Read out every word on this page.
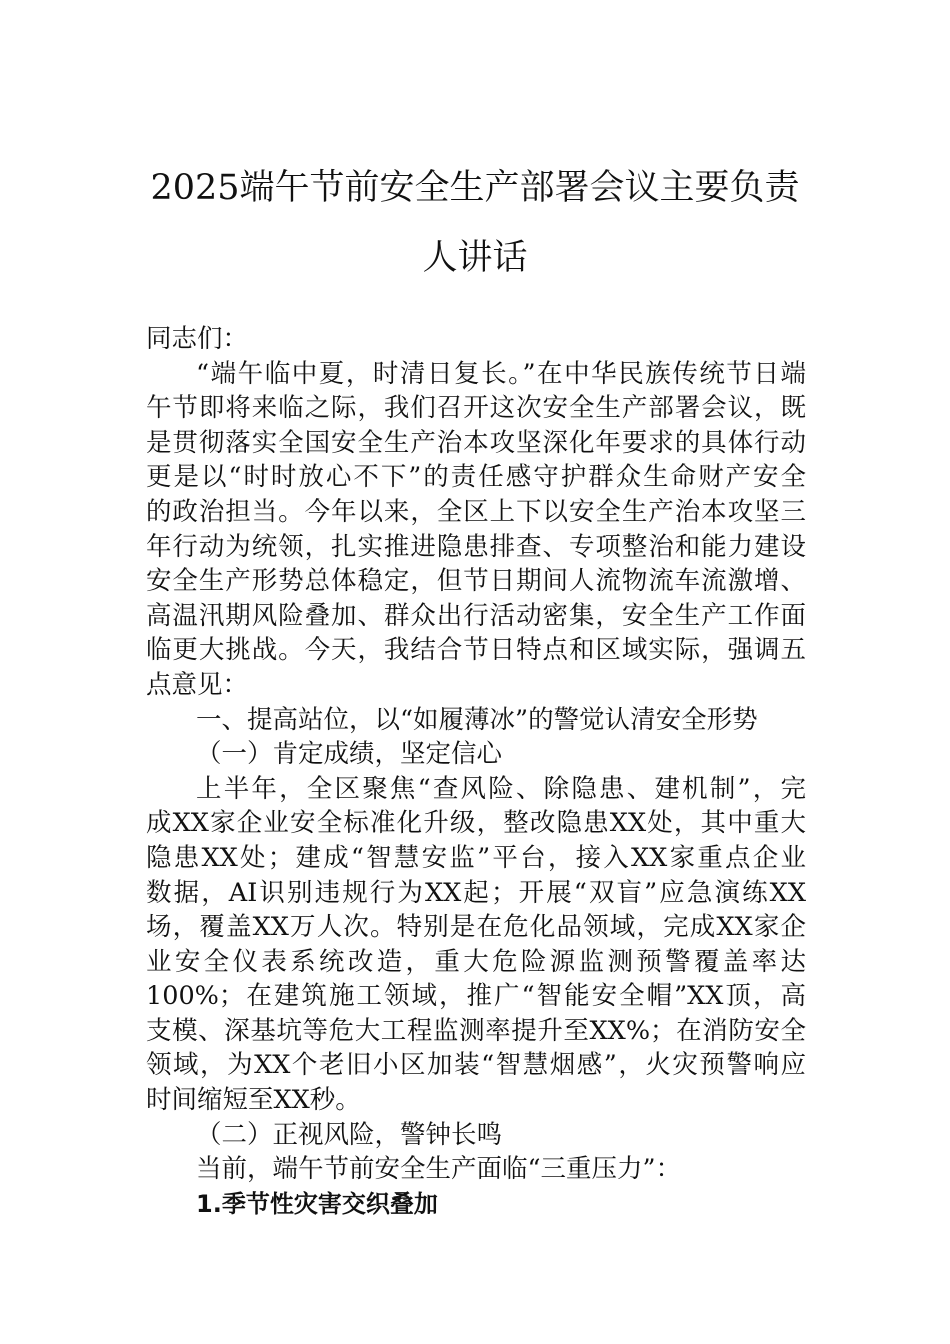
2025端午节前安全生产部署会议主要负责
人讲话
同志们：
“端午临中夏，时清日复长。”在中华民族传统节日端
午节即将来临之际，我们召开这次安全生产部署会议，既
是贯彻落实全国安全生产治本攻坚深化年要求的具体行动
更是以“时时放心不下”的责任感守护群众生命财产安全
的政治担当。今年以来，全区上下以安全生产治本攻坚三
年行动为统领，扎实推进隐患排查、专项整治和能力建设
安全生产形势总体稳定，但节日期间人流物流车流激增、
高温汛期风险叠加、群众出行活动密集，安全生产工作面
临更大挑战。今天，我结合节日特点和区域实际，强调五
点意见：
一、提高站位，以“如履薄冰”的警觉认清安全形势
（一）肯定成绩，坚定信心
上半年，全区聚焦“查风险、除隐患、建机制”，完
成XX家企业安全标准化升级，整改隐患XX处，其中重大
隐患XX处；建成“智慧安监”平台，接入XX家重点企业
数据，AI识别违规行为XX起；开展“双盲”应急演练XX
场，覆盖XX万人次。特别是在危化品领域，完成XX家企
业安全仪表系统改造，重大危险源监测预警覆盖率达
100%；在建筑施工领域，推广“智能安全帽”XX顶，高
支模、深基坑等危大工程监测率提升至XX%；在消防安全
领域，为XX个老旧小区加装“智慧烟感”，火灾预警响应
时间缩短至XX秒。
（二）正视风险，警钟长鸣
当前，端午节前安全生产面临“三重压力”：
1.季节性灾害交织叠加
